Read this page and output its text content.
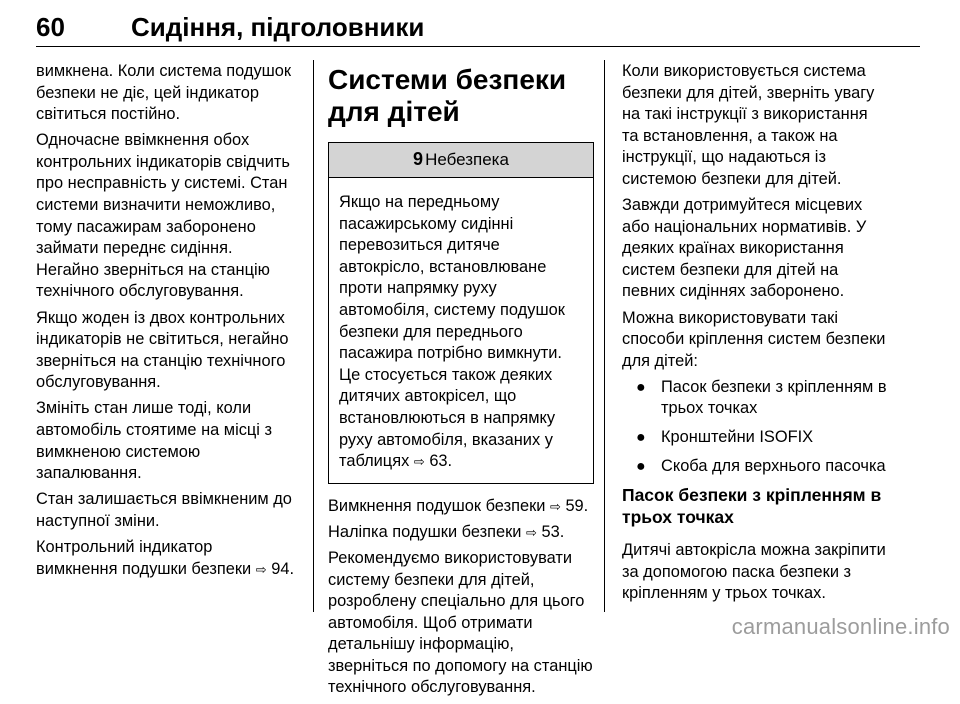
60	Сидіння, підголовники

вимкнена. Коли система подушок безпеки не діє, цей індикатор світиться постійно.

Одночасне ввімкнення обох контрольних індикаторів свідчить про несправність у системі. Стан системи визначити неможливо, тому пасажирам заборонено займати переднє сидіння. Негайно зверніться на станцію технічного обслуговування.

Якщо жоден із двох контрольних індикаторів не світиться, негайно зверніться на станцію технічного обслуговування.

Змініть стан лише тоді, коли автомобіль стоятиме на місці з вимкненою системою запалювання.

Стан залишається ввімкненим до наступної зміни.

Контрольний індикатор вимкнення подушки безпеки ⇨ 94.

Системи безпеки для дітей
9 Небезпека
Якщо на передньому пасажирському сидінні перевозиться дитяче автокрісло, встановлюване проти напрямку руху автомобіля, систему подушок безпеки для переднього пасажира потрібно вимкнути. Це стосується також деяких дитячих автокрісел, що встановлюються в напрямку руху автомобіля, вказаних у таблицях ⇨ 63.

Вимкнення подушок безпеки ⇨ 59.

Наліпка подушки безпеки ⇨ 53.

Рекомендуємо використовувати систему безпеки для дітей, розроблену спеціально для цього автомобіля. Щоб отримати детальнішу інформацію, зверніться по допомогу на станцію технічного обслуговування.

Коли використовується система безпеки для дітей, зверніть увагу на такі інструкції з використання та встановлення, а також на інструкції, що надаються із системою безпеки для дітей.

Завжди дотримуйтеся місцевих або національних нормативів. У деяких країнах використання систем безпеки для дітей на певних сидіннях заборонено.

Можна використовувати такі способи кріплення систем безпеки для дітей:

● Пасок безпеки з кріпленням в трьох точках
● Кронштейни ISOFIX
● Скоба для верхнього пасочка
Пасок безпеки з кріпленням в трьох точках

Дитячі автокрісла можна закріпити за допомогою паска безпеки з кріпленням у трьох точках.

carmanualsonline.info
